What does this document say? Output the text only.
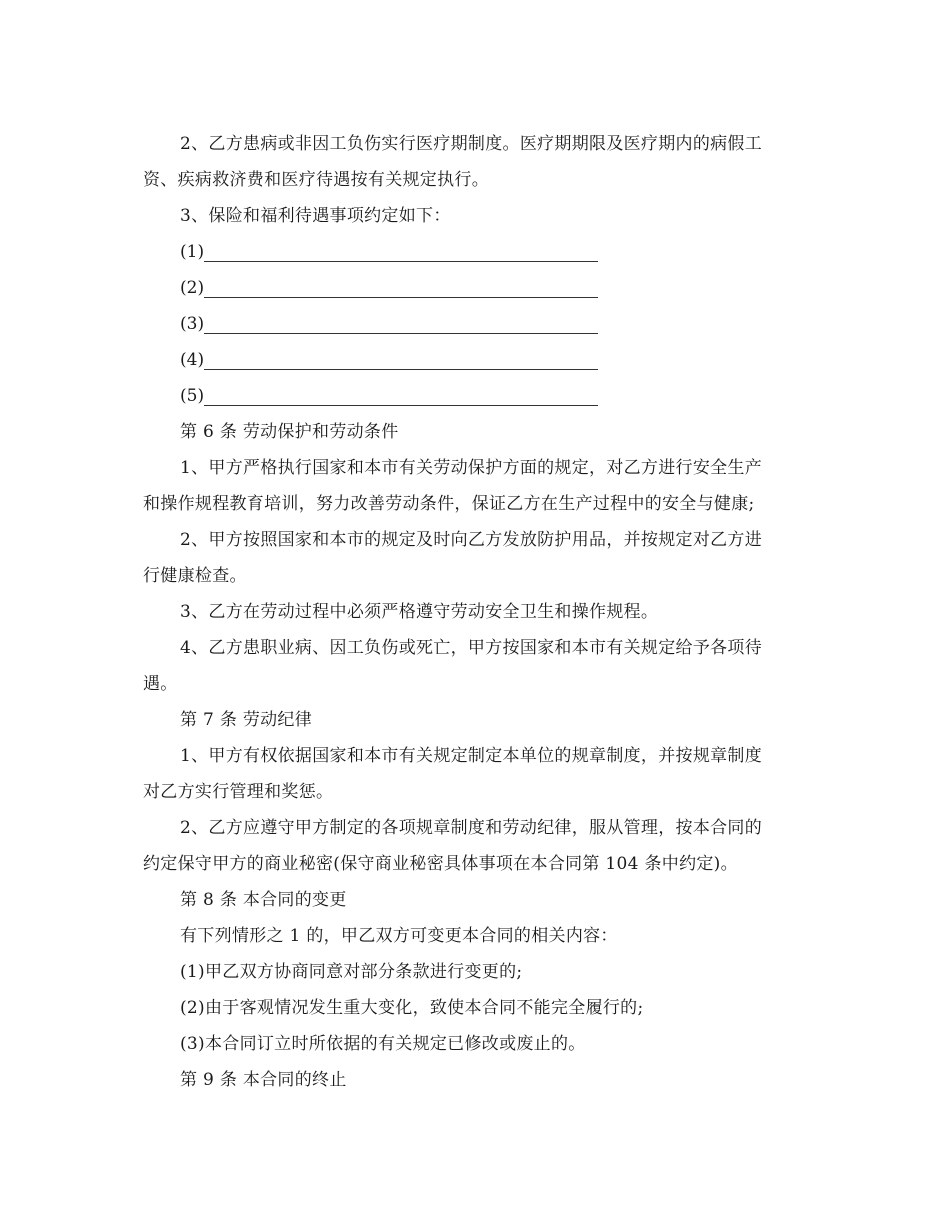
2、乙方患病或非因工负伤实行医疗期制度。医疗期期限及医疗期内的病假工
资、疾病救济费和医疗待遇按有关规定执行。
3、保险和福利待遇事项约定如下：
(1)
(2)
(3)
(4)
(5)
第 6 条 劳动保护和劳动条件
1、甲方严格执行国家和本市有关劳动保护方面的规定，对乙方进行安全生产
和操作规程教育培训，努力改善劳动条件，保证乙方在生产过程中的安全与健康;
2、甲方按照国家和本市的规定及时向乙方发放防护用品，并按规定对乙方进
行健康检查。
3、乙方在劳动过程中必须严格遵守劳动安全卫生和操作规程。
4、乙方患职业病、因工负伤或死亡，甲方按国家和本市有关规定给予各项待
遇。
第 7 条 劳动纪律
1、甲方有权依据国家和本市有关规定制定本单位的规章制度，并按规章制度
对乙方实行管理和奖惩。
2、乙方应遵守甲方制定的各项规章制度和劳动纪律，服从管理，按本合同的
约定保守甲方的商业秘密(保守商业秘密具体事项在本合同第 104 条中约定)。
第 8 条 本合同的变更
有下列情形之 1 的，甲乙双方可变更本合同的相关内容：
(1)甲乙双方协商同意对部分条款进行变更的;
(2)由于客观情况发生重大变化，致使本合同不能完全履行的;
(3)本合同订立时所依据的有关规定已修改或废止的。
第 9 条 本合同的终止
